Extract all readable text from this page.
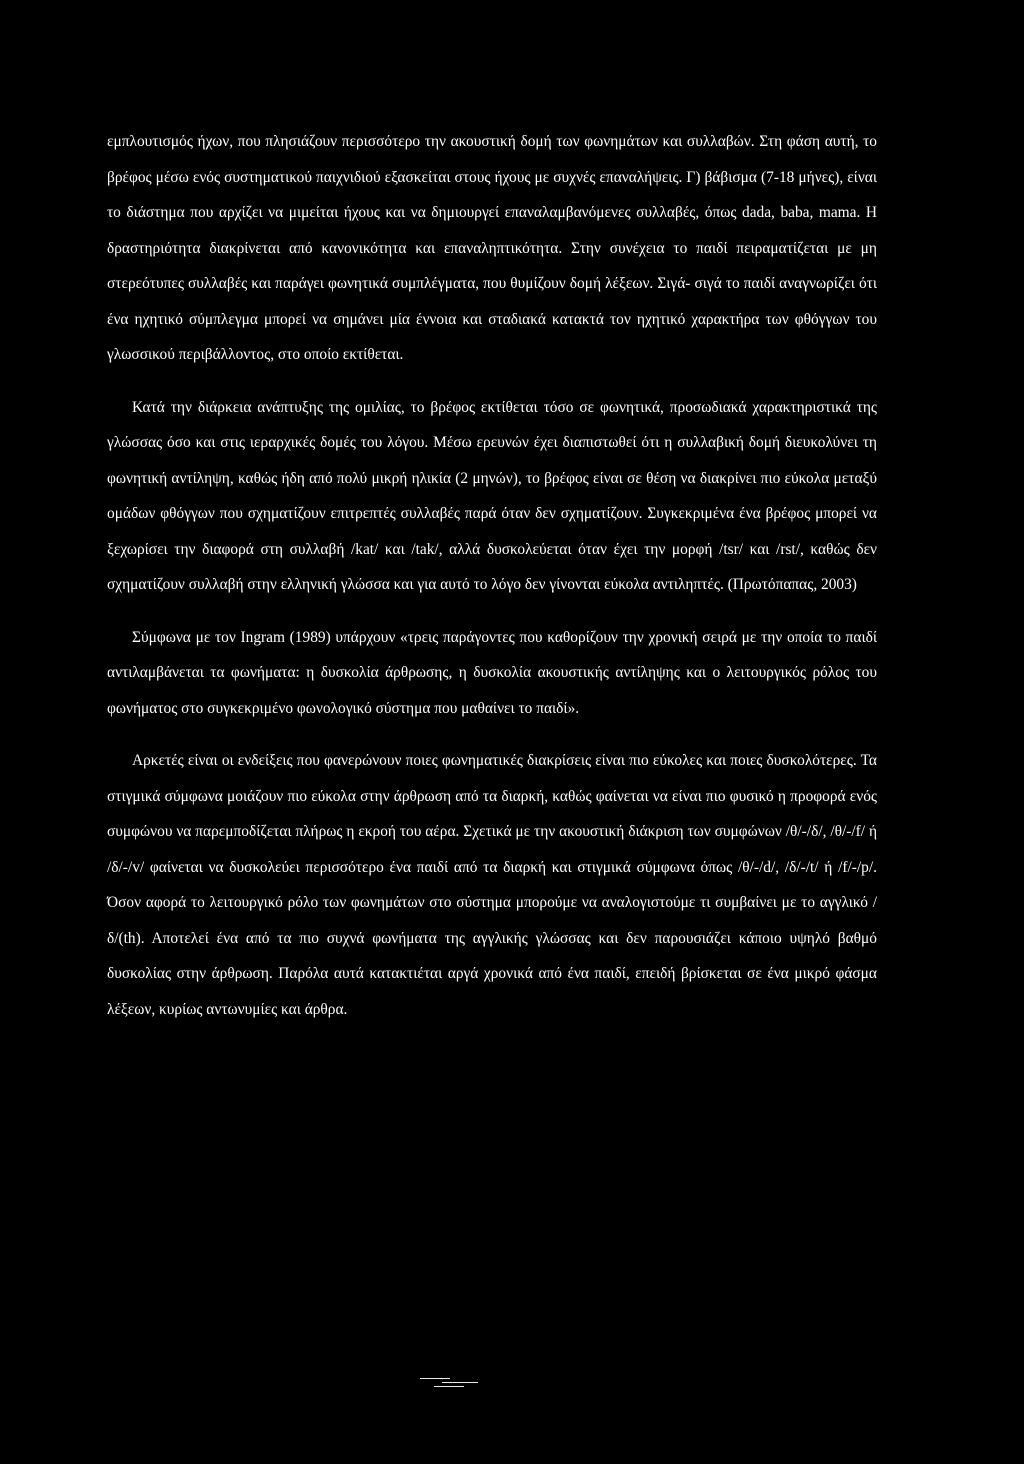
εμπλουτισμός ήχων, που πλησιάζουν περισσότερο την ακουστική δομή των φωνημάτων και συλλαβών. Στη φάση αυτή, το βρέφος μέσω ενός συστηματικού παιχνιδιού εξασκείται στους ήχους με συχνές επαναλήψεις. Γ) βάβισμα (7-18 μήνες), είναι το διάστημα που αρχίζει να μιμείται ήχους και να δημιουργεί επαναλαμβανόμενες συλλαβές, όπως dada, baba, mama. Η δραστηριότητα διακρίνεται από κανονικότητα και επαναληπτικότητα. Στην συνέχεια το παιδί πειραματίζεται με μη στερεότυπες συλλαβές και παράγει φωνητικά συμπλέγματα, που θυμίζουν δομή λέξεων. Σιγά- σιγά το παιδί αναγνωρίζει ότι ένα ηχητικό σύμπλεγμα μπορεί να σημάνει μία έννοια και σταδιακά κατακτά τον ηχητικό χαρακτήρα των φθόγγων του γλωσσικού περιβάλλοντος, στο οποίο εκτίθεται.

Κατά την διάρκεια ανάπτυξης της ομιλίας, το βρέφος εκτίθεται τόσο σε φωνητικά, προσωδιακά χαρακτηριστικά της γλώσσας όσο και στις ιεραρχικές δομές του λόγου. Μέσω ερευνών έχει διαπιστωθεί ότι η συλλαβική δομή διευκολύνει τη φωνητική αντίληψη, καθώς ήδη από πολύ μικρή ηλικία (2 μηνών), το βρέφος είναι σε θέση να διακρίνει πιο εύκολα μεταξύ ομάδων φθόγγων που σχηματίζουν επιτρεπτές συλλαβές παρά όταν δεν σχηματίζουν. Συγκεκριμένα ένα βρέφος μπορεί να ξεχωρίσει την διαφορά στη συλλαβή /kat/ και /tak/, αλλά δυσκολεύεται όταν έχει την μορφή /tsr/ και /rst/, καθώς δεν σχηματίζουν συλλαβή στην ελληνική γλώσσα και για αυτό το λόγο δεν γίνονται εύκολα αντιληπτές. (Πρωτόπαπας, 2003)

Σύμφωνα με τον Ingram (1989) υπάρχουν «τρεις παράγοντες που καθορίζουν την χρονική σειρά με την οποία το παιδί αντιλαμβάνεται τα φωνήματα: η δυσκολία άρθρωσης, η δυσκολία ακουστικής αντίληψης και ο λειτουργικός ρόλος του φωνήματος στο συγκεκριμένο φωνολογικό σύστημα που μαθαίνει το παιδί».

Αρκετές είναι οι ενδείξεις που φανερώνουν ποιες φωνηματικές διακρίσεις είναι πιο εύκολες και ποιες δυσκολότερες. Τα στιγμικά σύμφωνα μοιάζουν πιο εύκολα στην άρθρωση από τα διαρκή, καθώς φαίνεται να είναι πιο φυσικό η προφορά ενός συμφώνου να παρεμποδίζεται πλήρως η εκροή του αέρα. Σχετικά με την ακουστική διάκριση των συμφώνων /θ/-/δ/, /θ/-/f/ ή /δ/-/v/ φαίνεται να δυσκολεύει περισσότερο ένα παιδί από τα διαρκή και στιγμικά σύμφωνα όπως /θ/-/d/, /δ/-/t/ ή /f/-/p/. Όσον αφορά το λειτουργικό ρόλο των φωνημάτων στο σύστημα μπορούμε να αναλογιστούμε τι συμβαίνει με το αγγλικό /δ/(th). Αποτελεί ένα από τα πιο συχνά φωνήματα της αγγλικής γλώσσας και δεν παρουσιάζει κάποιο υψηλό βαθμό δυσκολίας στην άρθρωση. Παρόλα αυτά κατακτιέται αργά χρονικά από ένα παιδί, επειδή βρίσκεται σε ένα μικρό φάσμα λέξεων, κυρίως αντωνυμίες και άρθρα.
